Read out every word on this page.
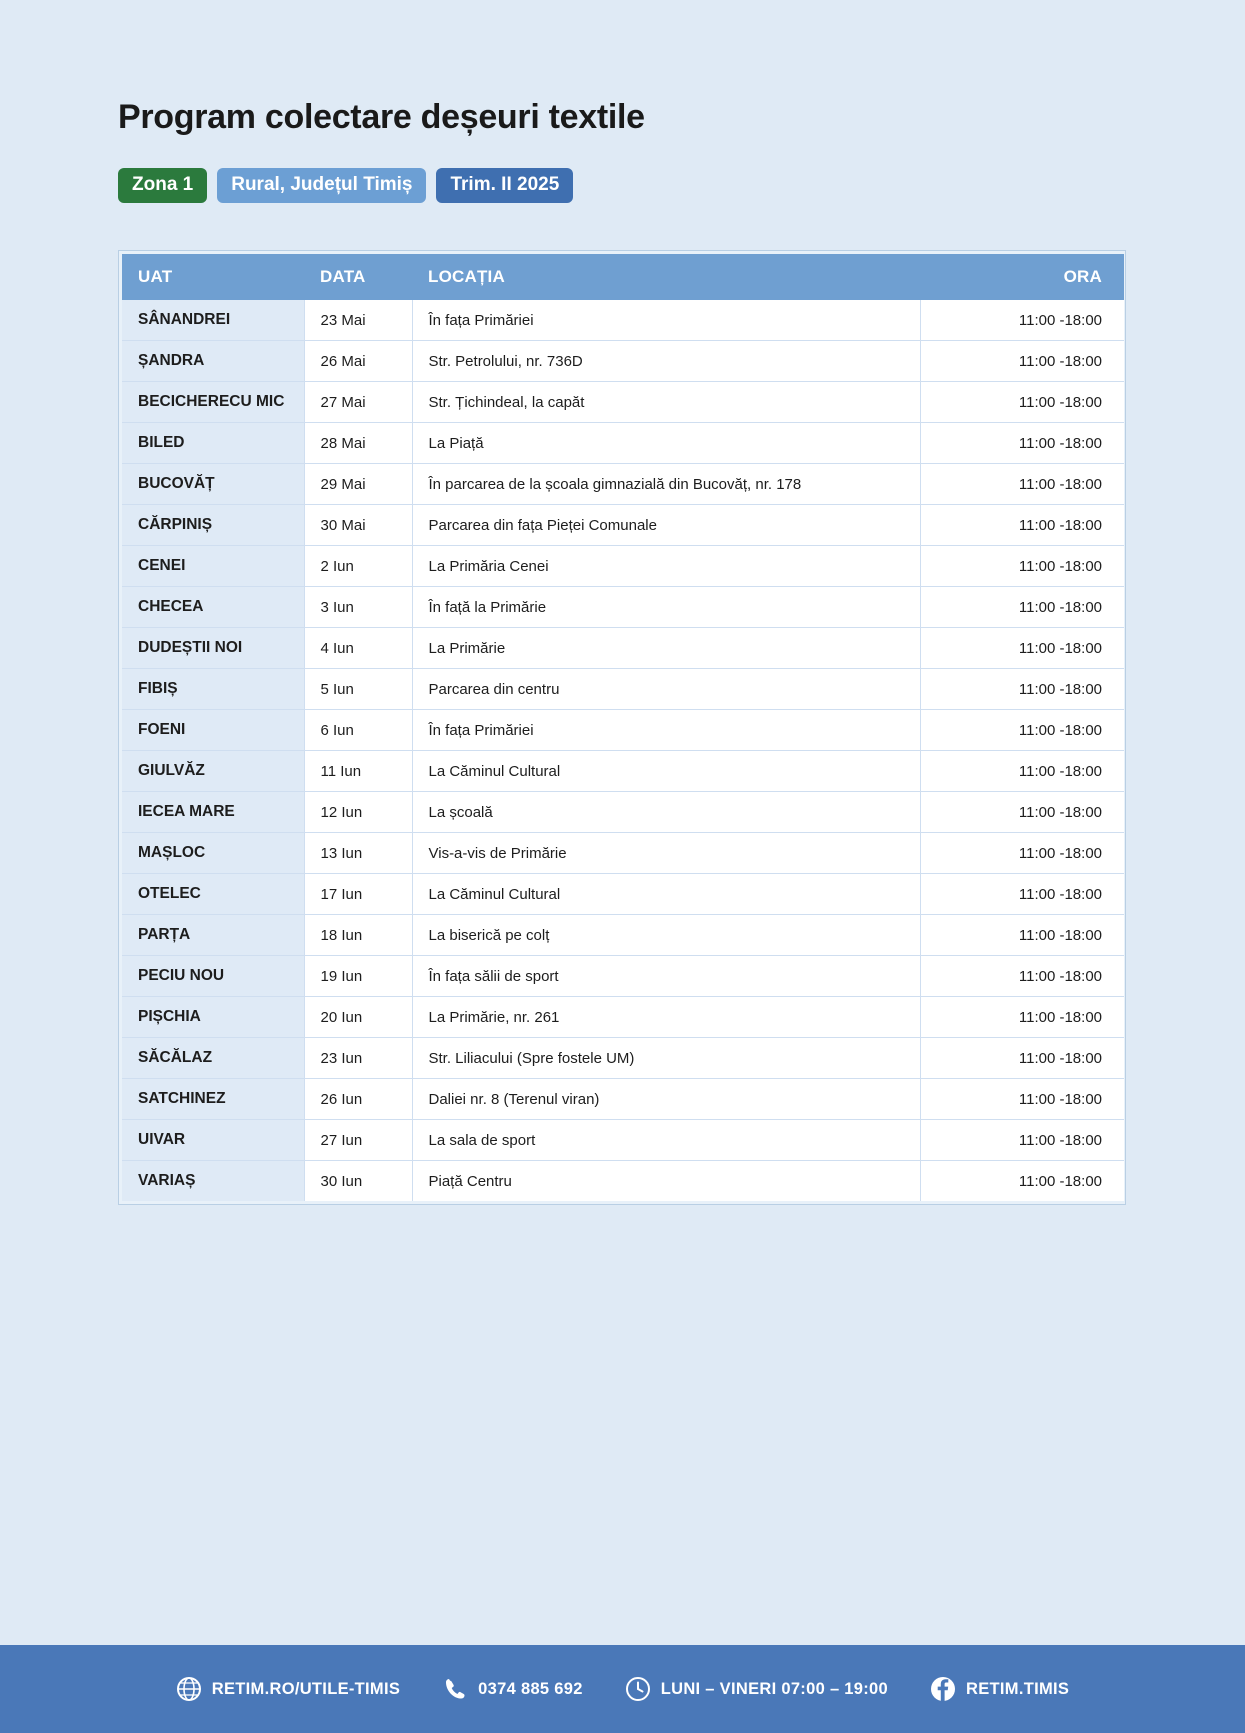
Program colectare deșeuri textile
Zona 1	Rural, Județul Timiș	Trim. II 2025
UAT	DATA	LOCAȚIA	ORA
SÂNANDREI	23 Mai	În fața Primăriei	11:00 -18:00
ȘANDRA	26 Mai	Str. Petrolului, nr. 736D	11:00 -18:00
BECICHERECU MIC	27 Mai	Str. Țichindeal, la capăt	11:00 -18:00
BILED	28 Mai	La Piață	11:00 -18:00
BUCOVĂȚ	29 Mai	În parcarea de la școala gimnazială din Bucovăț, nr. 178	11:00 -18:00
CĂRPINIȘ	30 Mai	Parcarea din fața Pieței Comunale	11:00 -18:00
CENEI	2 Iun	La Primăria Cenei	11:00 -18:00
CHECEA	3 Iun	În față la Primărie	11:00 -18:00
DUDEȘTII NOI	4 Iun	La Primărie	11:00 -18:00
FIBIȘ	5 Iun	Parcarea din centru	11:00 -18:00
FOENI	6 Iun	În fața Primăriei	11:00 -18:00
GIULVĂZ	11 Iun	La Căminul Cultural	11:00 -18:00
IECEA MARE	12 Iun	La școală	11:00 -18:00
MAȘLOC	13 Iun	Vis-a-vis de Primărie	11:00 -18:00
OTELEC	17 Iun	La Căminul Cultural	11:00 -18:00
PARȚA	18 Iun	La biserică pe colț	11:00 -18:00
PECIU NOU	19 Iun	În fața sălii de sport	11:00 -18:00
PIȘCHIA	20 Iun	La Primărie, nr. 261	11:00 -18:00
SĂCĂLAZ	23 Iun	Str. Liliacului (Spre fostele UM)	11:00 -18:00
SATCHINEZ	26 Iun	Daliei nr. 8 (Terenul viran)	11:00 -18:00
UIVAR	27 Iun	La sala de sport	11:00 -18:00
VARIAȘ	30 Iun	Piață Centru	11:00 -18:00
RETIM.RO/UTILE-TIMIS	0374 885 692	LUNI – VINERI 07:00 – 19:00	RETIM.TIMIS
